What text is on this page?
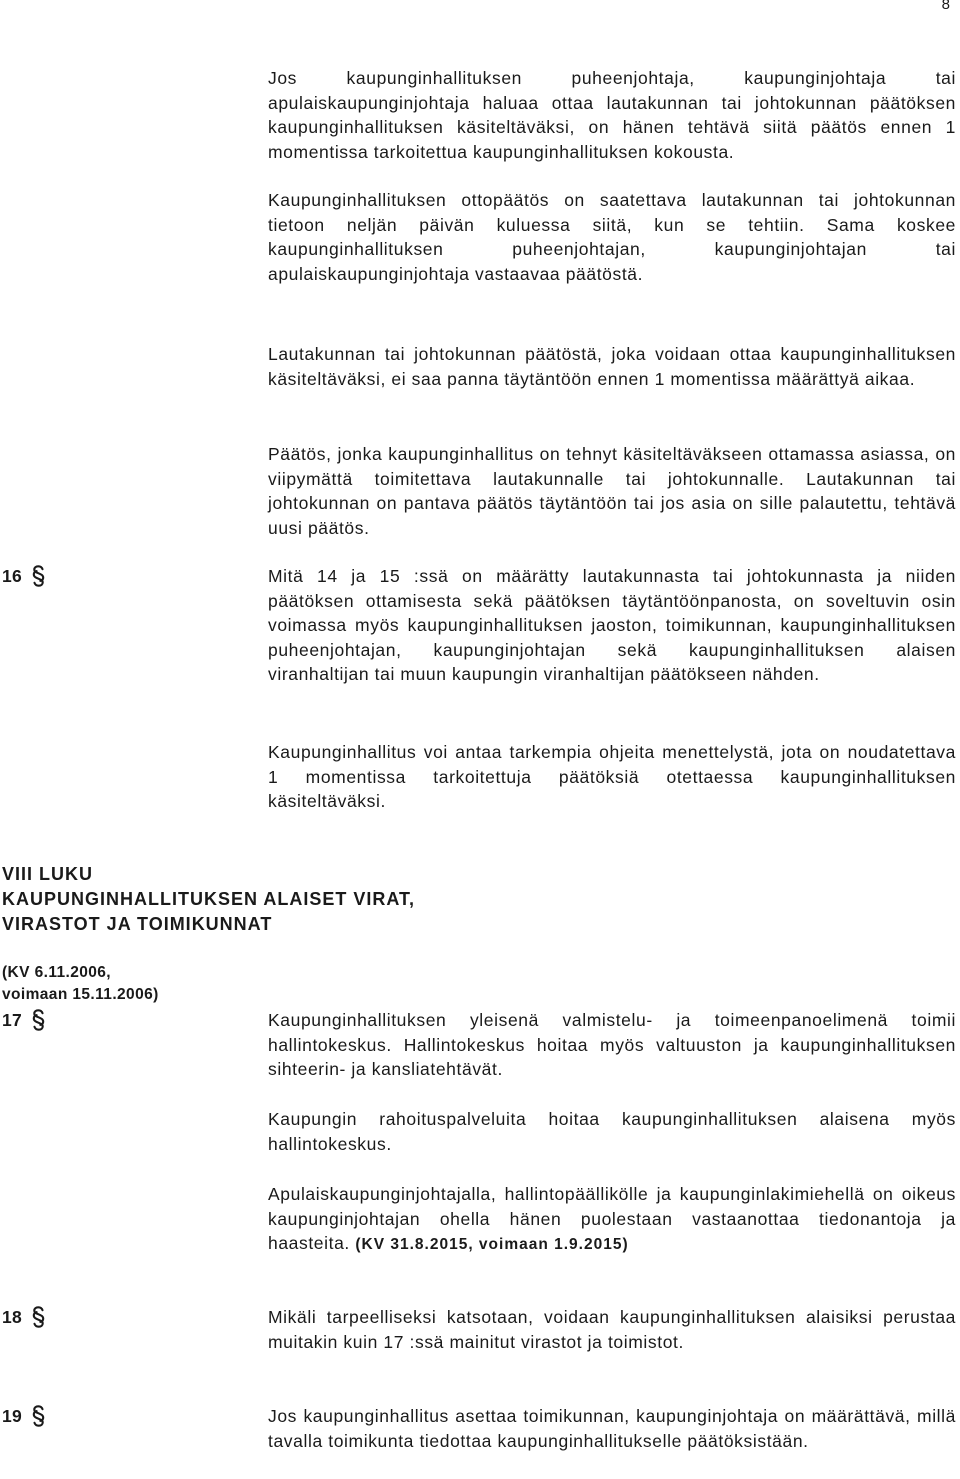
8

Jos kaupunginhallituksen puheenjohtaja, kaupunginjohtaja tai apulaiskaupunginjohtaja haluaa ottaa lautakunnan tai johtokunnan päätöksen kaupunginhallituksen käsiteltäväksi, on hänen tehtävä siitä päätös ennen 1 momentissa tarkoitettua kaupunginhallituksen kokousta.

Kaupunginhallituksen ottopäätös on saatettava lautakunnan tai johtokunnan tietoon neljän päivän kuluessa siitä, kun se tehtiin. Sama koskee kaupunginhallituksen puheenjohtajan, kaupunginjohtajan tai apulaiskaupunginjohtaja vastaavaa päätöstä.

Lautakunnan tai johtokunnan päätöstä, joka voidaan ottaa kaupunginhallituksen käsiteltäväksi, ei saa panna täytäntöön ennen 1 momentissa määrättyä aikaa.

Päätös, jonka kaupunginhallitus on tehnyt käsiteltäväkseen ottamassa asiassa, on viipymättä toimitettava lautakunnalle tai johtokunnalle. Lautakunnan tai johtokunnan on pantava päätös täytäntöön tai jos asia on sille palautettu, tehtävä uusi päätös.

16	Mitä 14 ja 15 :ssä on määrätty lautakunnasta tai johtokunnasta ja niiden päätöksen ottamisesta sekä päätöksen täytäntöönpanosta, on soveltuvin osin voimassa myös kaupunginhallituksen jaoston, toimikunnan, kaupunginhallituksen puheenjohtajan, kaupunginjohtajan sekä kaupunginhallituksen alaisen viranhaltijan tai muun kaupungin viranhaltijan päätökseen nähden.

Kaupunginhallitus voi antaa tarkempia ohjeita menettelystä, jota on noudatettava 1 momentissa tarkoitettuja päätöksiä otettaessa kaupunginhallituksen käsiteltäväksi.

VIII LUKU

KAUPUNGINHALLITUKSEN ALAISET VIRAT,

VIRASTOT JA TOIMIKUNNAT

(KV 6.11.2006,

voimaan 15.11.2006)

17	Kaupunginhallituksen yleisenä valmistelu- ja toimeenpanoelimenä toimii hallintokeskus. Hallintokeskus hoitaa myös valtuuston ja kaupunginhallituksen sihteerin- ja kansliatehtävät.

Kaupungin rahoituspalveluita hoitaa kaupunginhallituksen alaisena myös hallintokeskus.

Apulaiskaupunginjohtajalla, hallintopäällikölle ja kaupunginlakimiehellä on oikeus kaupunginjohtajan ohella hänen puolestaan vastaanottaa tiedonantoja ja haasteita. (KV 31.8.2015, voimaan 1.9.2015)

18	Mikäli tarpeelliseksi katsotaan, voidaan kaupunginhallituksen alaisiksi perustaa muitakin kuin 17 :ssä mainitut virastot ja toimistot.

19	Jos kaupunginhallitus asettaa toimikunnan, kaupunginjohtaja on määrättävä, millä tavalla toimikunta tiedottaa kaupunginhallitukselle päätöksistään.
